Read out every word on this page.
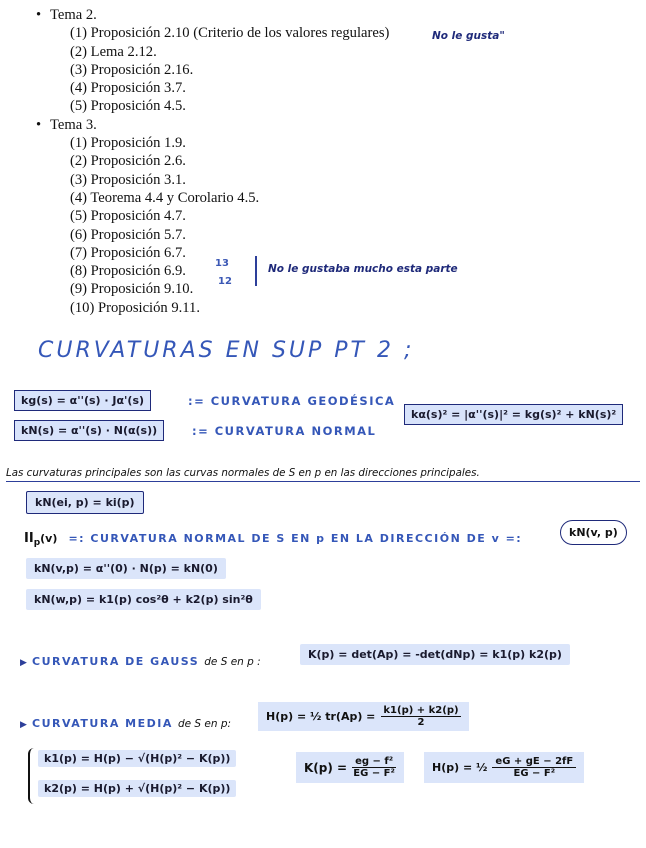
• Tema 2.
(1) Proposición 2.10 (Criterio de los valores regulares)
(2) Lema 2.12.
(3) Proposición 2.16.
(4) Proposición 3.7.
(5) Proposición 4.5.
• Tema 3.
(1) Proposición 1.9.
(2) Proposición 2.6.
(3) Proposición 3.1.
(4) Teorema 4.4 y Corolario 4.5.
(5) Proposición 4.7.
(6) Proposición 5.7.
(7) Proposición 6.7.
(8) Proposición 6.9.
(9) Proposición 9.10.
(10) Proposición 9.11.
No le gusta"
13
12
No le gustaba mucho esta parte
CURVATURAS EN SUP PT 2 ;
kg(s) = α''(s) · Jα'(s)	:= CURVATURA GEODÉSICA
kN(s) = α''(s) · N(α(s))	:= CURVATURA NORMAL
kα(s)² = |α''(s)|² = kg(s)² + kN(s)²
Las curvaturas principales son las curvas normales de S en p en las direcciones principales.
kN(ei, p) = ki(p)
IIp(v) =: CURVATURA NORMAL DE S EN p EN LA DIRECCIÓN DE v =:	kN(v, p)
kN(v,p) = α''(0) · N(p) = kN(0)
kN(w,p) = k1(p) cos²θ + k2(p) sin²θ
▶ CURVATURA DE GAUSS de S en p :
K(p) = det(Ap) = -det(dNp) = k1(p) k2(p)
▶ CURVATURA MEDIA de S en p:
H(p) = ½ $tr(Ap) = \frac{k1(p) + k2(p)}{2}$
k1(p) = H(p) − √(H(p)² − K(p))
k2(p) = H(p) + √(H(p)² − K(p))
$K(p) = \frac{\text{eg − f²}}{\text{EG − F²}}$	H(p) = ½ eG + gE − 2fF
EG − F²
